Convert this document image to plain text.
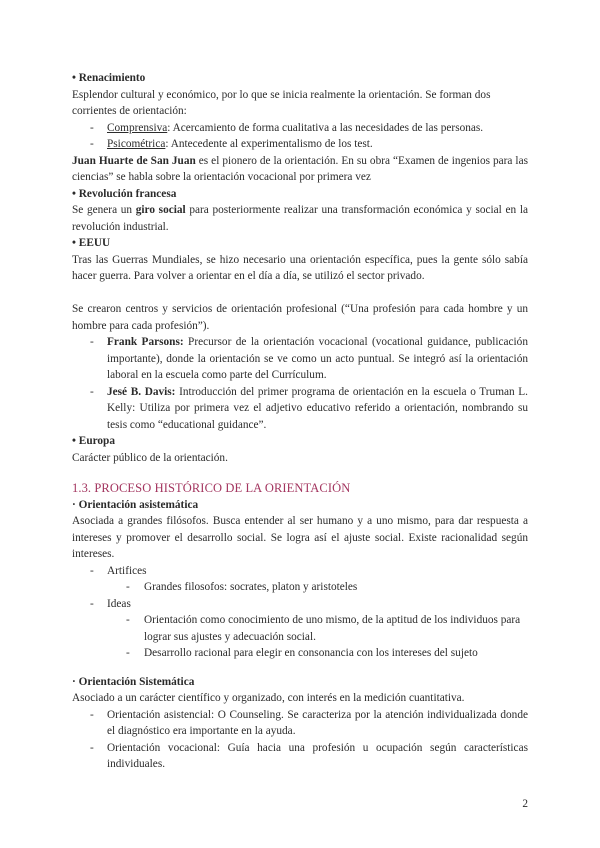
• Renacimiento

Esplendor cultural y económico, por lo que se inicia realmente la orientación. Se forman dos corrientes de orientación:

- Comprensiva: Acercamiento de forma cualitativa a las necesidades de las personas.
- Psicométrica: Antecedente al experimentalismo de los test.

Juan Huarte de San Juan es el pionero de la orientación. En su obra “Examen de ingenios para las ciencias” se habla sobre la orientación vocacional por primera vez

• Revolución francesa

Se genera un giro social para posteriormente realizar una transformación económica y social en la revolución industrial.

• EEUU

Tras las Guerras Mundiales, se hizo necesario una orientación específica, pues la gente sólo sabía hacer guerra. Para volver a orientar en el día a día, se utilizó el sector privado.

Se crearon centros y servicios de orientación profesional (“Una profesión para cada hombre y un hombre para cada profesión”).

- Frank Parsons: Precursor de la orientación vocacional (vocational guidance, publicación importante), donde la orientación se ve como un acto puntual. Se integró así la orientación laboral en la escuela como parte del Currículum.
- Jesé B. Davis: Introducción del primer programa de orientación en la escuela o Truman L. Kelly: Utiliza por primera vez el adjetivo educativo referido a orientación, nombrando su tesis como “educational guidance”.

• Europa

Carácter público de la orientación.

1.3. PROCESO HISTÓRICO DE LA ORIENTACIÓN

· Orientación asistemática

Asociada a grandes filósofos. Busca entender al ser humano y a uno mismo, para dar respuesta a intereses y promover el desarrollo social. Se logra así el ajuste social. Existe racionalidad según intereses.

- Artifices
- Grandes filosofos: socrates, platon y aristoteles
- Ideas
- Orientación como conocimiento de uno mismo, de la aptitud de los individuos para lograr sus ajustes y adecuación social.
- Desarrollo racional para elegir en consonancia con los intereses del sujeto

· Orientación Sistemática

Asociado a un carácter científico y organizado, con interés en la medición cuantitativa.

- Orientación asistencial: O Counseling. Se caracteriza por la atención individualizada donde el diagnóstico era importante en la ayuda.
- Orientación vocacional: Guía hacia una profesión u ocupación según características individuales.
2
